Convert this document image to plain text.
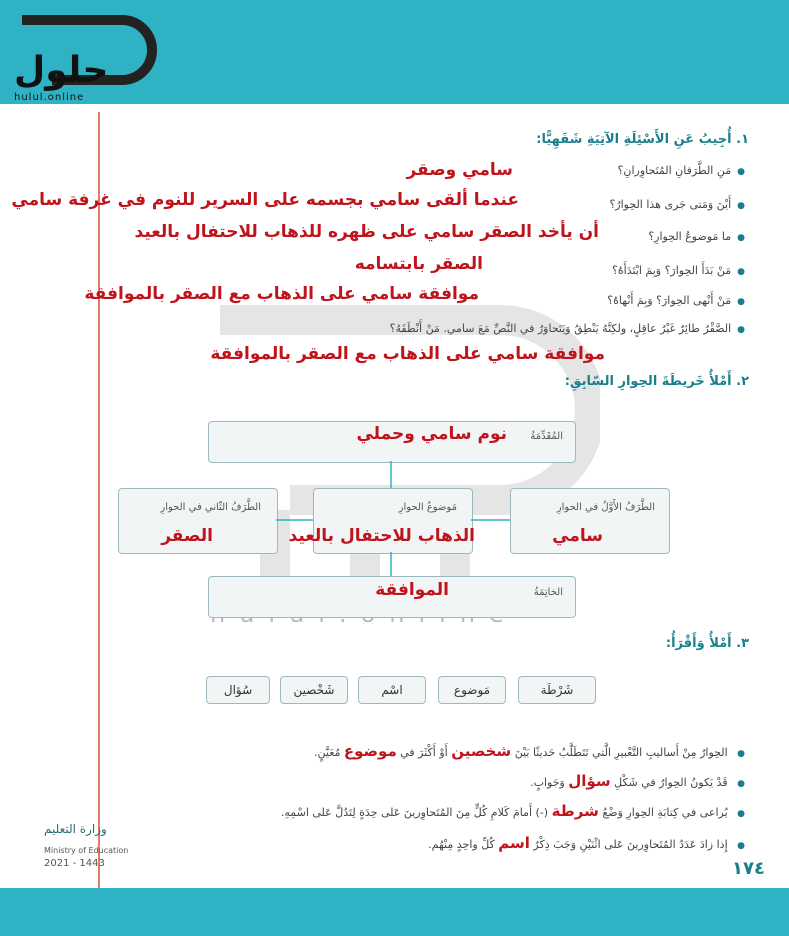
حلول
hulul.online
١. أُجِيبُ عَنِ الأَسْئِلَةِ الآتِيَةِ شَفَهِيًّا:
● مَنِ الطَّرَفانِ المُتَحاوِرانِ؟
سامي وصقر
● أَيْنَ وَمَتى جَرى هذا الحِوارُ؟
عندما ألقى سامي بجسمه على السرير للنوم في غرفة سامي
● ما مَوضوعُ الحِوارِ؟
أن يأخد الصقر سامي على ظهره للذهاب للاحتفال بالعيد
● مَنْ بَدَأَ الحِوارَ؟ وَبِمَ ابْتَدَأَهُ؟
الصقر بابتسامه
● مَنْ أَنْهى الحِوارَ؟ وَبِمَ أَنْهاهُ؟
موافقة سامي على الذهاب مع الصقر بالموافقة
● الصَّقْرُ طائِرٌ غَيْرُ عاقِلٍ، ولكِنَّهُ يَنْطِقُ وَيَتَحاوَرُ في النَّصِّ مَعَ سامي. مَنْ أَنْطَقَهُ؟
موافقة سامي على الذهاب مع الصقر بالموافقة
٢. أَمْلأُ خَريطَةَ الحِوارِ السّابِقِ:
المُقَدِّمَةُ
نوم سامي وحملي
الطَّرَفُ الأَوَّلُ في الحوارِ
سامي
مَوضوعُ الحوارِ
الذهاب للاحتفال بالعيد
الطَّرَفُ الثّاني في الحوارِ
الصقر
الخاتِمَةُ
الموافقة
٣. أَمْلأُ وَأَقْرَأُ:
شَرْطَة
مَوضوع
اسْم
شَخْصين
سُؤال
● الحِوارُ مِنْ أَساليبِ التَّعْبيرِ الَّتي تَتَطَلَّبُ حَديثًا بَيْنَ شخصين أَوْ أَكْثَرَ في موضوع مُعَيَّنٍ.
● قَدْ يَكونُ الحِوارُ في شَكْلِ سؤال وَجَوابٍ.
● يُراعى في كِتابَةِ الحِوارِ وَضْعُ شرطة (-) أَمامَ كَلامِ كُلٍّ مِنَ المُتَحاوِرينَ عَلى حِدَةٍ لِتَدُلَّ عَلى اسْمِهِ.
● إِذا زادَ عَدَدُ المُتَحاوِرينَ عَلى اثْنَيْنِ وَجَبَ ذِكْرُ اسم كُلِّ واحِدٍ مِنْهُم.
وزارة التعليم
Ministry of Education
2021 - 1443	١٧٤
